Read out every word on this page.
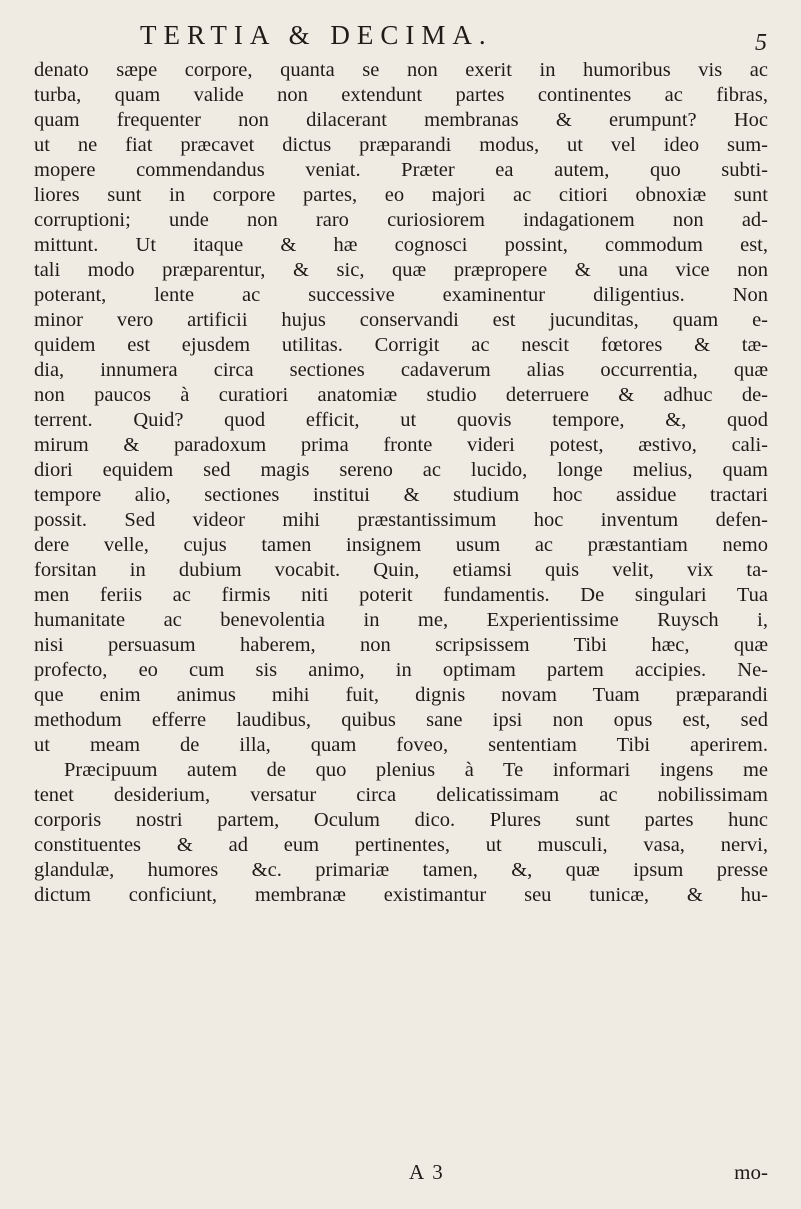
TERTIA & DECIMA.	5
denato sæpe corpore, quanta se non exerit in humoribus vis ac
turba, quam valide non extendunt partes continentes ac fibras,
quam frequenter non dilacerant membranas & erumpunt? Hoc
ut ne fiat præcavet dictus præparandi modus, ut vel ideo sum-
mopere commendandus veniat. Præter ea autem, quo subti-
liores sunt in corpore partes, eo majori ac citiori obnoxiæ sunt
corruptioni; unde non raro curiosiorem indagationem non ad-
mittunt. Ut itaque & hæ cognosci possint, commodum est,
tali modo præparentur, & sic, quæ præpropere & una vice non
poterant, lente ac successive examinentur diligentius. Non
minor vero artificii hujus conservandi est jucunditas, quam e-
quidem est ejusdem utilitas. Corrigit ac nescit fœtores & tæ-
dia, innumera circa sectiones cadaverum alias occurrentia, quæ
non paucos à curatiori anatomiæ studio deterruere & adhuc de-
terrent. Quid? quod efficit, ut quovis tempore, &, quod
mirum & paradoxum prima fronte videri potest, æstivo, cali-
diori equidem sed magis sereno ac lucido, longe melius, quam
tempore alio, sectiones institui & studium hoc assidue tractari
possit. Sed videor mihi præstantissimum hoc inventum defen-
dere velle, cujus tamen insignem usum ac præstantiam nemo
forsitan in dubium vocabit. Quin, etiamsi quis velit, vix ta-
men feriis ac firmis niti poterit fundamentis. De singulari Tua
humanitate ac benevolentia in me, Experientissime Ruysch i,
nisi persuasum haberem, non scripsissem Tibi hæc, quæ
profecto, eo cum sis animo, in optimam partem accipies. Ne-
que enim animus mihi fuit, dignis novam Tuam præparandi
methodum efferre laudibus, quibus sane ipsi non opus est, sed
ut meam de illa, quam foveo, sententiam Tibi aperirem.
Præcipuum autem de quo plenius à Te informari ingens me
tenet desiderium, versatur circa delicatissimam ac nobilissimam
corporis nostri partem, Oculum dico. Plures sunt partes hunc
constituentes & ad eum pertinentes, ut musculi, vasa, nervi,
glandulæ, humores &c. primariæ tamen, &, quæ ipsum presse
dictum conficiunt, membranæ existimantur seu tunicæ, & hu-
A 3	mo-
